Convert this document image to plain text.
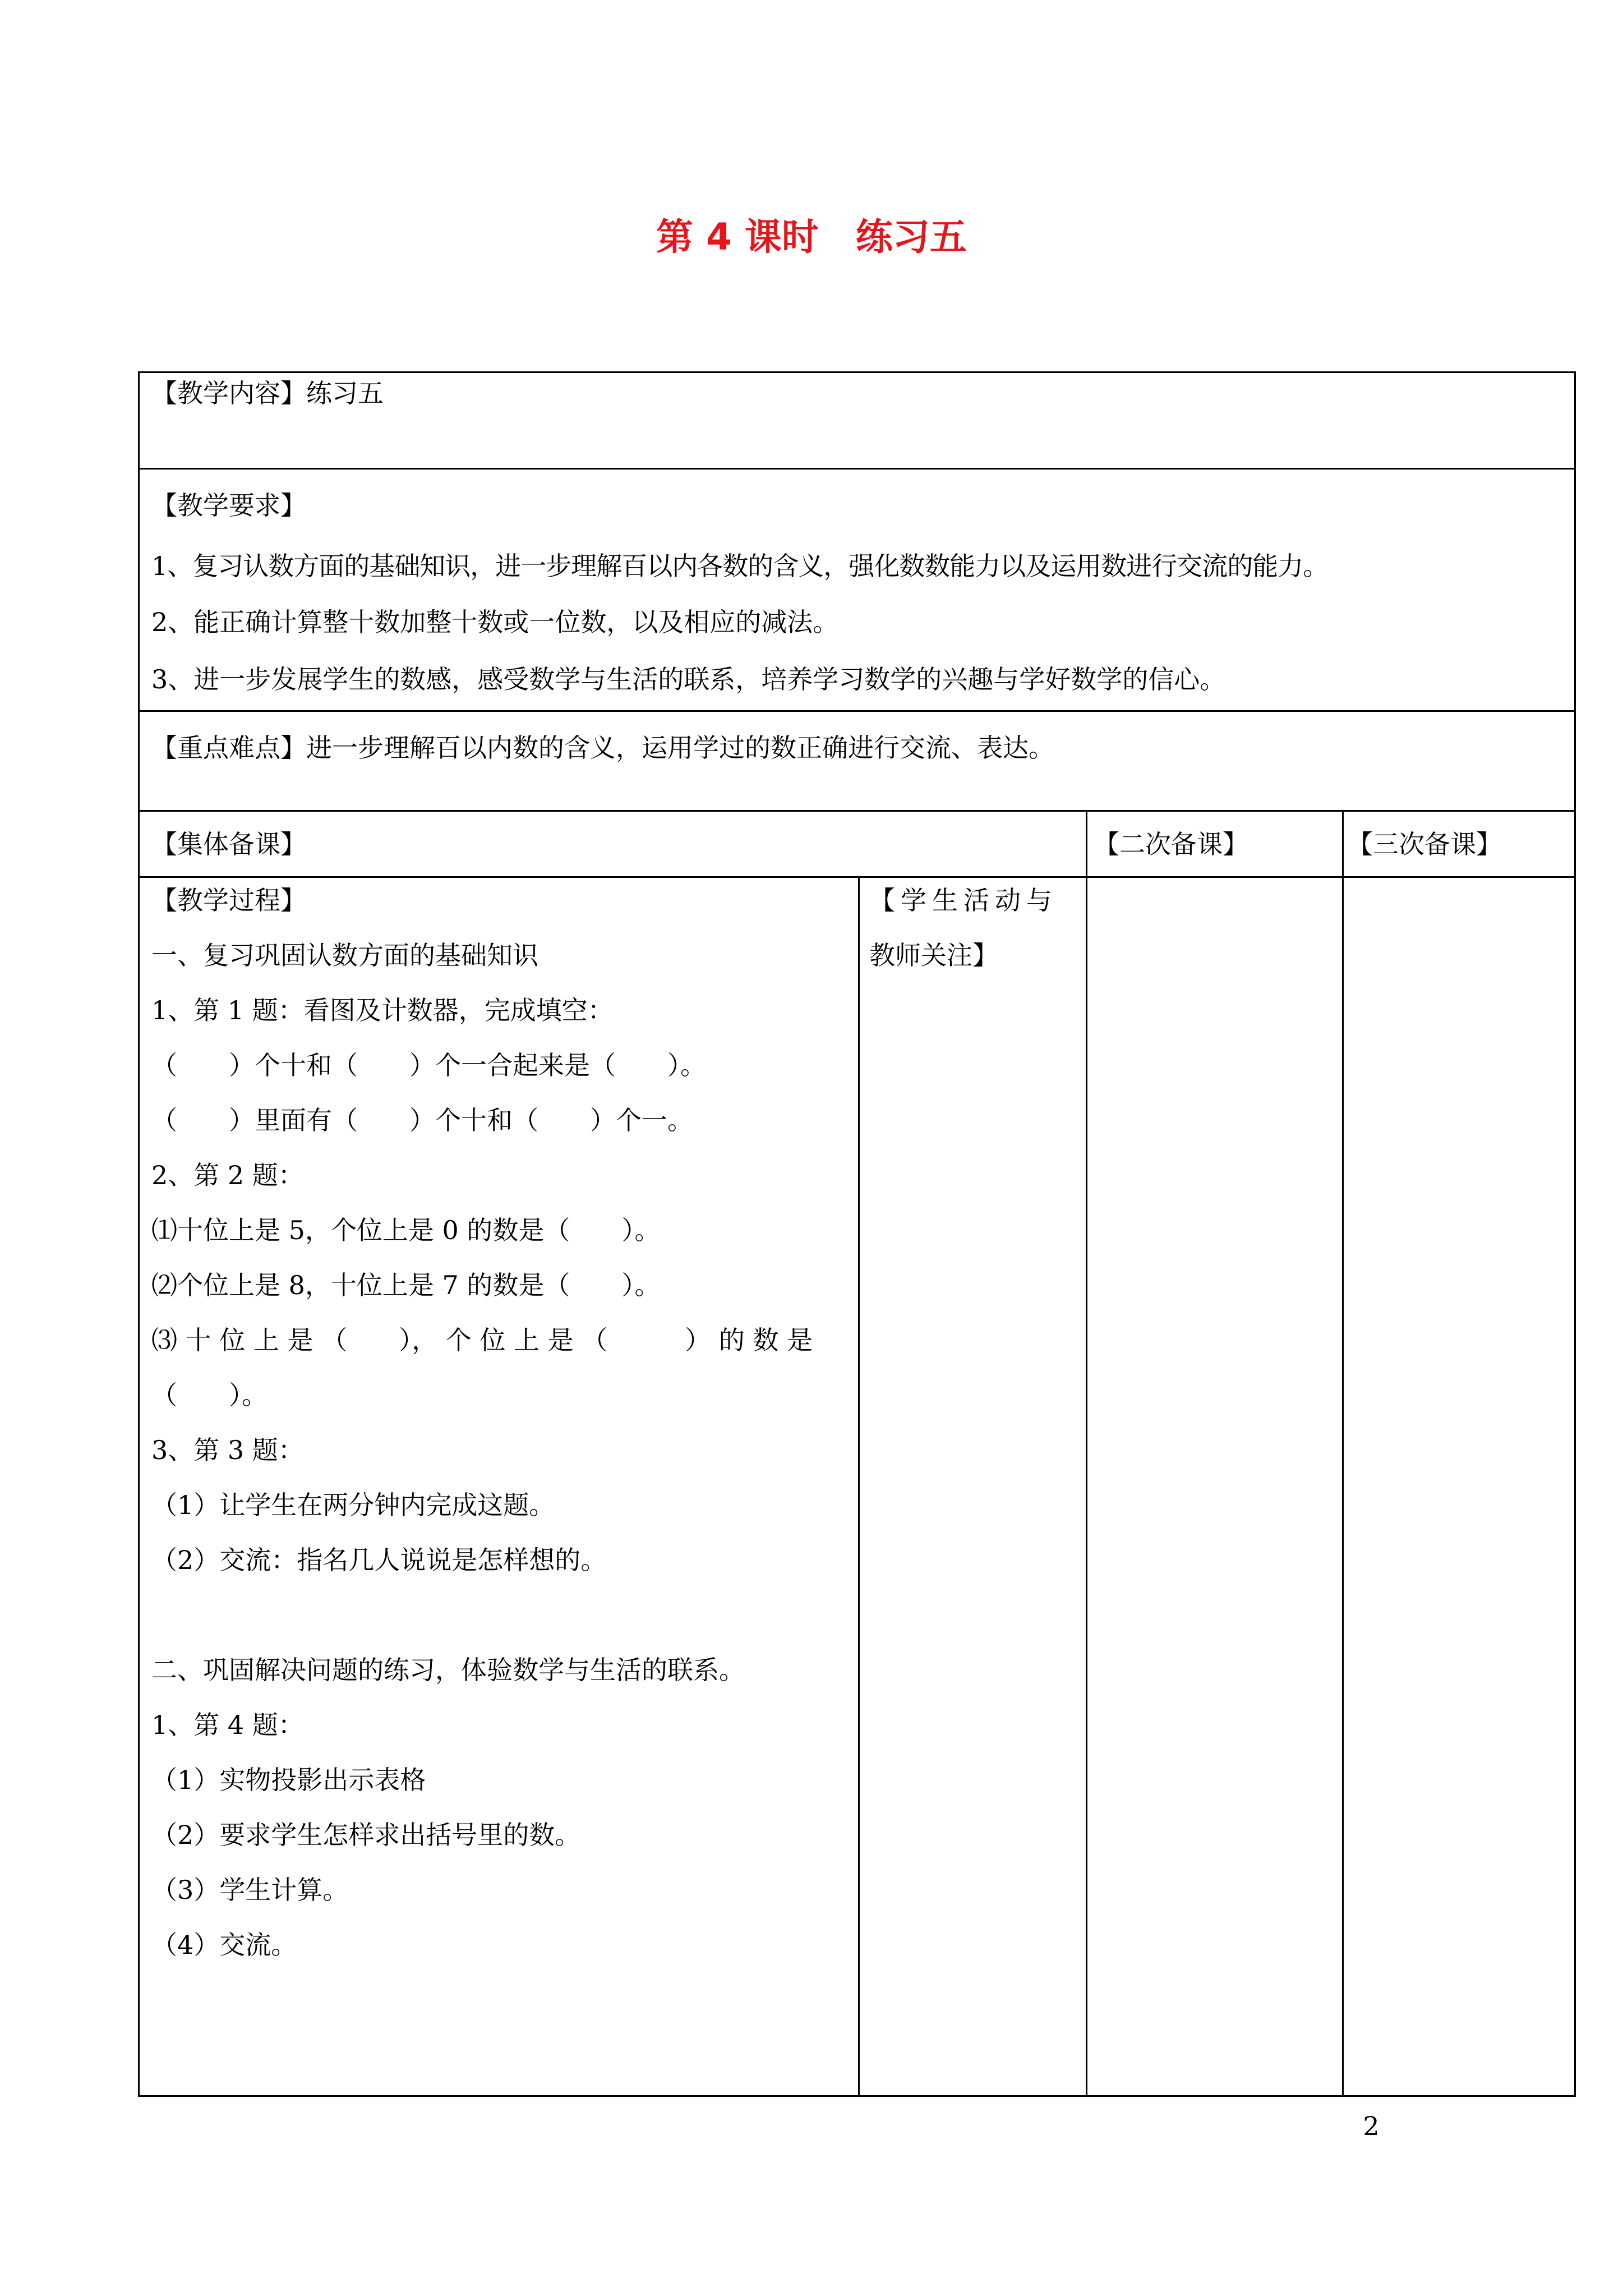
第 4 课时　练习五
【教学内容】练习五
【教学要求】
1、复习认数方面的基础知识，进一步理解百以内各数的含义，强化数数能力以及运用数进行交流的能力。
2、能正确计算整十数加整十数或一位数，以及相应的减法。
3、进一步发展学生的数感，感受数学与生活的联系，培养学习数学的兴趣与学好数学的信心。
【重点难点】进一步理解百以内数的含义，运用学过的数正确进行交流、表达。
【集体备课】	【二次备课】	【三次备课】
【教学过程】	【学生活动与
教师关注】
一、复习巩固认数方面的基础知识
1、第 1 题：看图及计数器，完成填空：
（　　）个十和（　　）个一合起来是（　　）。
（　　）里面有（　　）个十和（　　）个一。
2、第 2 题：
⑴十位上是 5，个位上是 0 的数是（　　）。
⑵个位上是 8，十位上是 7 的数是（　　）。
⑶ 十 位 上 是 （　　）， 个 位 上 是 （　　　） 的 数 是
（　　）。
3、第 3 题：
（1）让学生在两分钟内完成这题。
（2）交流：指名几人说说是怎样想的。
二、巩固解决问题的练习，体验数学与生活的联系。
1、第 4 题：
（1）实物投影出示表格
（2）要求学生怎样求出括号里的数。
（3）学生计算。
（4）交流。
2
